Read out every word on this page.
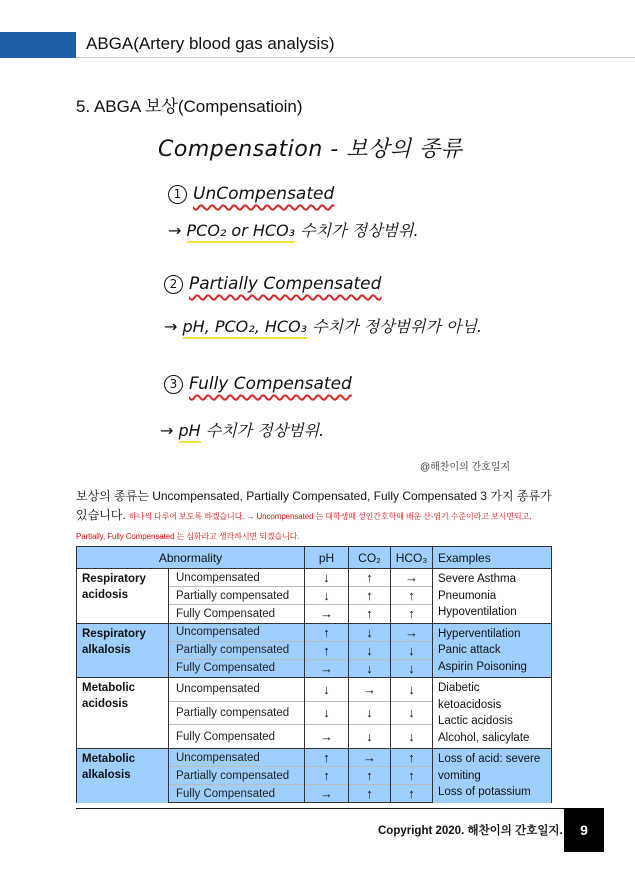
ABGA(Artery blood gas analysis)
5. ABGA 보상(Compensatioin)
Compensation - 보상의 종류
1 UnCompensated
→ PCO₂ or HCO₃ 수치가 정상범위.
2 Partially Compensated
→ pH, PCO₂, HCO₃ 수치가 정상범위가 아님.
3 Fully Compensated
→ pH 수치가 정상범위.
@해찬이의 간호일지
보상의 종류는 Uncompensated, Partially Compensated, Fully Compensated 3 가지 종류가 있습니다. 하나씩 다루어 보도록 하겠습니다. → Uncompensated 는 대학생때 성인간호학때 배운 산-염기 수준이라고 보시면되고, Partially, Fully Compensated 는 심화라고 생각하시면 되겠습니다.
Abnormality		pH	CO₂	HCO₃	Examples
Respiratory
acidosis	Uncompensated	↓	↑	→	Severe Asthma
Pneumonia
Hypoventilation
	Partially compensated	↓	↑	↑	
	Fully Compensated	→	↑	↑	
Respiratory
alkalosis	Uncompensated	↑	↓	→	Hyperventilation
Panic attack
Aspirin Poisoning
	Partially compensated	↑	↓	↓	
	Fully Compensated	→	↓	↓	
Metabolic
acidosis	Uncompensated	↓	→	↓	Diabetic ketoacidosis
Lactic acidosis
Alcohol, salicylate
	Partially compensated	↓	↓	↓	
	Fully Compensated	→	↓	↓	
Metabolic
alkalosis	Uncompensated	↑	→	↑	Loss of acid: severe
vomiting
Loss of potassium
	Partially compensated	↑	↑	↑	
	Fully Compensated	→	↑	↑	
Copyright 2020. 해찬이의 간호일지.	9
